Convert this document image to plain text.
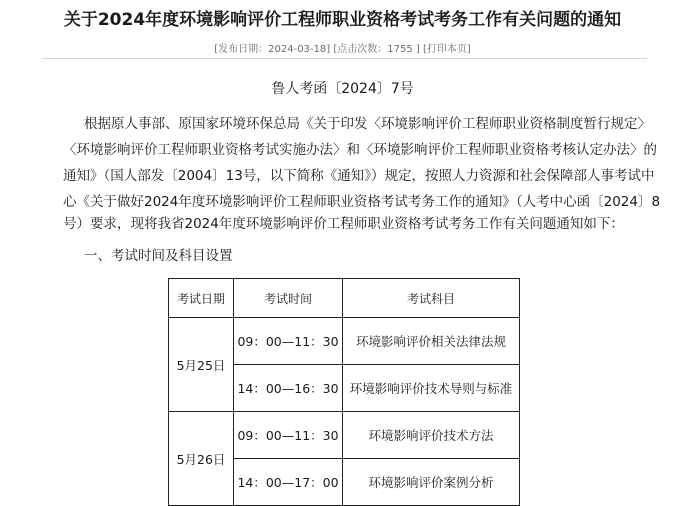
关于2024年度环境影响评价工程师职业资格考试考务工作有关问题的通知
[发布日期：2024-03-18] [点击次数：1755 ] [打印本页]
鲁人考函〔2024〕7号
根据原人事部、原国家环境环保总局《关于印发〈环境影响评价工程师职业资格制度暂行规定〉
〈环境影响评价工程师职业资格考试实施办法〉和〈环境影响评价工程师职业资格考核认定办法〉的
通知》（国人部发〔2004〕13号，以下简称《通知》）规定，按照人力资源和社会保障部人事考试中
心《关于做好2024年度环境影响评价工程师职业资格考试考务工作的通知》（人考中心函〔2024〕8
号）要求，现将我省2024年度环境影响评价工程师职业资格考试考务工作有关问题通知如下：
一、考试时间及科目设置
考试日期	考试时间	考试科目
5月25日	09：00—11：30	环境影响评价相关法律法规
	14：00—16：30	环境影响评价技术导则与标准
5月26日	09：00—11：30	环境影响评价技术方法
	14：00—17：00	环境影响评价案例分析
